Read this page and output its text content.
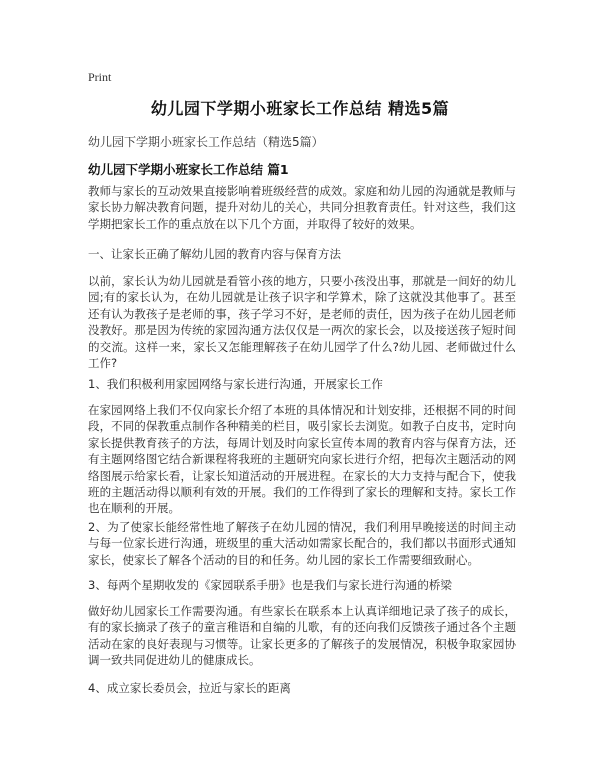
Print
幼儿园下学期小班家长工作总结 精选5篇
幼儿园下学期小班家长工作总结（精选5篇）
幼儿园下学期小班家长工作总结 篇1

教师与家长的互动效果直接影响着班级经营的成效。家庭和幼儿园的沟通就是教师与家长协力解决教育问题，提升对幼儿的关心，共同分担教育责任。针对这些，我们这学期把家长工作的重点放在以下几个方面，并取得了较好的效果。

一、让家长正确了解幼儿园的教育内容与保育方法

以前，家长认为幼儿园就是看管小孩的地方，只要小孩没出事，那就是一间好的幼儿园;有的家长认为，在幼儿园就是让孩子识字和学算术，除了这就没其他事了。甚至还有认为教孩子是老师的事，孩子学习不好，是老师的责任，因为孩子在幼儿园老师没教好。那是因为传统的家园沟通方法仅仅是一两次的家长会，以及接送孩子短时间的交流。这样一来，家长又怎能理解孩子在幼儿园学了什么?幼儿园、老师做过什么工作?

1、我们积极利用家园网络与家长进行沟通，开展家长工作

在家园网络上我们不仅向家长介绍了本班的具体情况和计划安排，还根据不同的时间段，不同的保教重点制作各种精美的栏目，吸引家长去浏览。如教子白皮书，定时向家长提供教育孩子的方法，每周计划及时向家长宣传本周的教育内容与保育方法，还有主题网络图它结合新课程将我班的主题研究向家长进行介绍，把每次主题活动的网络图展示给家长看，让家长知道活动的开展进程。在家长的大力支持与配合下，使我班的主题活动得以顺利有效的开展。我们的工作得到了家长的理解和支持。家长工作也在顺利的开展。

2、为了使家长能经常性地了解孩子在幼儿园的情况，我们利用早晚接送的时间主动与每一位家长进行沟通，班级里的重大活动如需家长配合的，我们都以书面形式通知家长，使家长了解各个活动的目的和任务。幼儿园的家长工作需要细致耐心。

3、每两个星期收发的《家园联系手册》也是我们与家长进行沟通的桥梁

做好幼儿园家长工作需要沟通。有些家长在联系本上认真详细地记录了孩子的成长，有的家长摘录了孩子的童言稚语和自编的儿歌，有的还向我们反馈孩子通过各个主题活动在家的良好表现与习惯等。让家长更多的了解孩子的发展情况，积极争取家园协调一致共同促进幼儿的健康成长。

4、成立家长委员会，拉近与家长的距离
